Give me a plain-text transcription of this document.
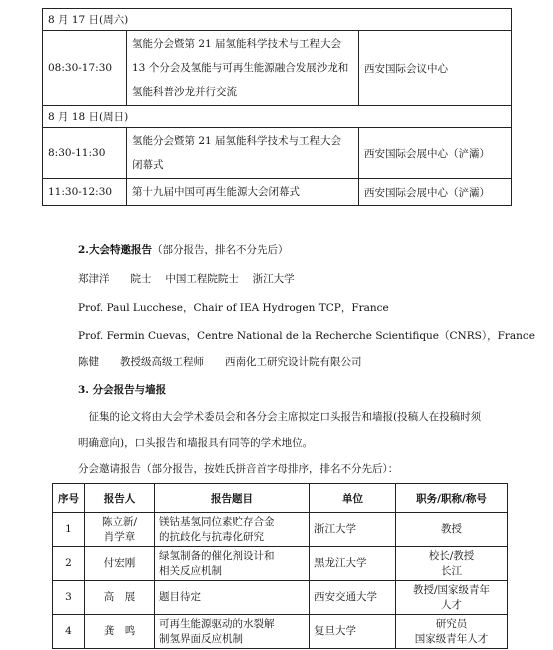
8 月 17 日(周六)		
08:30-17:30	氢能分会暨第 21 届氢能科学技术与工程大会
13 个分会及氢能与可再生能源融合发展沙龙和
氢能科普沙龙并行交流	西安国际会议中心
8 月 18 日(周日)		
8:30-11:30	氢能分会暨第 21 届氢能科学技术与工程大会
闭幕式	西安国际会展中心（浐灞）
11:30-12:30	第十九届中国可再生能源大会闭幕式	西安国际会展中心（浐灞）
2.大会特邀报告（部分报告，排名不分先后）
郑津洋　　院士　 中国工程院院士　 浙江大学
Prof. Paul Lucchese，Chair of IEA Hydrogen TCP，France
Prof. Fermin Cuevas，Centre National de la Recherche Scientifique（CNRS），France
陈健　　教授级高级工程师　　西南化工研究设计院有限公司
3. 分会报告与墙报
　征集的论文将由大会学术委员会和各分会主席拟定口头报告和墙报(投稿人在投稿时须
明确意向)，口头报告和墙报具有同等的学术地位。
分会邀请报告（部分报告，按姓氏拼音首字母排序，排名不分先后）：
序号	报告人	报告题目	单位	职务/职称/称号
1	陈立新/
肖学章	镁钴基氢同位素贮存合金
的抗歧化与抗毒化研究	浙江大学	教授

2	付宏刚	绿氢制备的催化剂设计和
相关反应机制	黑龙江大学	校长/教授
长江

3	高　展	题目待定	西安交通大学	教授/国家级青年
人才

4	龚　鸣	可再生能源驱动的水裂解
制氢界面反应机制	复旦大学	研究员
国家级青年人才
